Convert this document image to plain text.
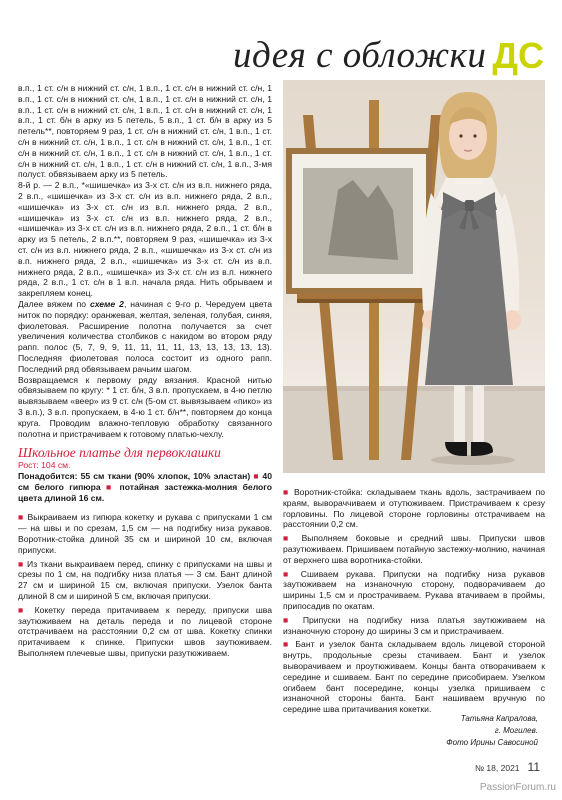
идея с обложки ДС

в.п., 1 ст. с/н в нижний ст. с/н, 1 в.п., 1 ст. с/н в нижний ст. с/н, 1 в.п., 1 ст. с/н в нижний ст. с/н, 1 в.п., 1 ст. с/н в нижний ст. с/н, 1 в.п., 1 ст. с/н в нижний ст. с/н, 1 в.п., 1 ст. с/н в нижний ст. с/н, 1 в.п., 1 ст. б/н в арку из 5 петель, 5 в.п., 1 ст. б/н в арку из 5 петель**, повторяем 9 раз, 1 ст. с/н в нижний ст. с/н, 1 в.п., 1 ст. с/н в нижний ст. с/н, 1 в.п., 1 ст. с/н в нижний ст. с/н, 1 в.п., 1 ст. с/н в нижний ст. с/н, 1 в.п., 1 ст. с/н в нижний ст. с/н, 1 в.п., 1 ст. с/н в нижний ст. с/н, 1 в.п., 1 ст. с/н в нижний ст. с/н, 1 в.п., 3-мя полуст. обвязываем арку из 5 петель.

8-й р. — 2 в.п., *«шишечка» из 3-х ст. с/н из в.п. нижнего ряда, 2 в.п., «шишечка» из 3-х ст. с/н из в.п. нижнего ряда, 2 в.п., «шишечка» из 3-х ст. с/н из в.п. нижнего ряда, 2 в.п., «шишечка» из 3-х ст. с/н из в.п. нижнего ряда, 2 в.п., «шишечка» из 3-х ст. с/н из в.п. нижнего ряда, 2 в.п., 1 ст. б/н в арку из 5 петель, 2 в.п.**, повторяем 9 раз, «шишечка» из 3-х ст. с/н из в.п. нижнего ряда, 2 в.п., «шишечка» из 3-х ст. с/н из в.п. нижнего ряда, 2 в.п., «шишечка» из 3-х ст. с/н из в.п. нижнего ряда, 2 в.п., «шишечка» из 3-х ст. с/н из в.п. нижнего ряда, 2 в.п., 1 ст. с/н в 1 в.п. начала ряда. Нить обрываем и закрепляем конец.

Далее вяжем по схеме 2, начиная с 9-го р. Чередуем цвета ниток по порядку: оранжевая, желтая, зеленая, голубая, синяя, фиолетовая. Расширение полотна получается за счет увеличения количества столбиков с накидом во втором ряду рапп. полос (5, 7, 9, 9, 11, 11, 11, 11, 13, 13, 13, 13, 13). Последняя фиолетовая полоса состоит из одного рапп. Последний ряд обвязываем рачьим шагом.

Возвращаемся к первому ряду вязания. Красной нитью обвязываем по кругу: * 1 ст. б/н, 3 в.п. пропускаем, в 4-ю петлю вывязываем «веер» из 9 ст. с/н (5-ом ст. вывязываем «пико» из 3 в.п.), 3 в.п. пропускаем, в 4-ю 1 ст. б/н**, повторяем до конца круга. Проводим влажно-тепловую обработку связанного полотна и пристрачиваем к готовому платью-чехлу.

Школьное платье для первоклашки
Рост: 104 см.
Понадобится: 55 см ткани (90% хлопок, 10% эластан) ■ 40 см белого гипюра ■ потайная застежка-молния белого цвета длиной 16 см.

■ Выкраиваем из гипюра кокетку и рукава с припусками 1 см — на швы и по срезам, 1,5 см — на подгибку низа рукавов. Воротник-стойка длиной 35 см и шириной 10 см, включая припуски.

■ Из ткани выкраиваем перед, спинку с припусками на швы и срезы по 1 см, на подгибку низа платья — 3 см. Бант длиной 27 см и шириной 15 см, включая припуски. Узелок банта длиной 8 см и шириной 5 см, включая припуски.

■ Кокетку переда притачиваем к переду, припуски шва заутюживаем на деталь переда и по лицевой стороне отстрачиваем на расстоянии 0,2 см от шва. Кокетку спинки притачиваем к спинке. Припуски швов заутюживаем. Выполняем плечевые швы, припуски разутюживаем.

■ Воротник-стойка: складываем ткань вдоль, застрачиваем по краям, вывораччиваем и отутюживаем. Пристрачиваем к срезу горловины. По лицевой стороне горловины отстрачиваем на расстоянии 0,2 см.

■ Выполняем боковые и средний швы. Припуски швов разутюживаем. Пришиваем потайную застежку-молнию, начиная от верхнего шва воротника-стойки.

■ Сшиваем рукава. Припуски на подгибку низа рукавов заутюживаем на изнаночную сторону, подворачиваем до ширины 1,5 см и прострачиваем. Рукава втачиваем в проймы, припосадив по окатам.

■ Припуски на подгибку низа платья заутюживаем на изнаночную сторону до ширины 3 см и пристрачиваем.

■ Бант и узелок банта складываем вдоль лицевой стороной внутрь, продольные срезы стачиваем. Бант и узелок выворачиваем и проутюживаем. Концы банта отворачиваем к середине и сшиваем. Бант по середине присобираем. Узелком огибаем бант посередине, концы узелка пришиваем с изнаночной стороны банта. Бант нашиваем вручную по середине шва притачивания кокетки.

Татьяна Капралова,
г. Могилев.
Фото Ирины Савосиной
№ 18, 2021 11
PassionForum.ru
